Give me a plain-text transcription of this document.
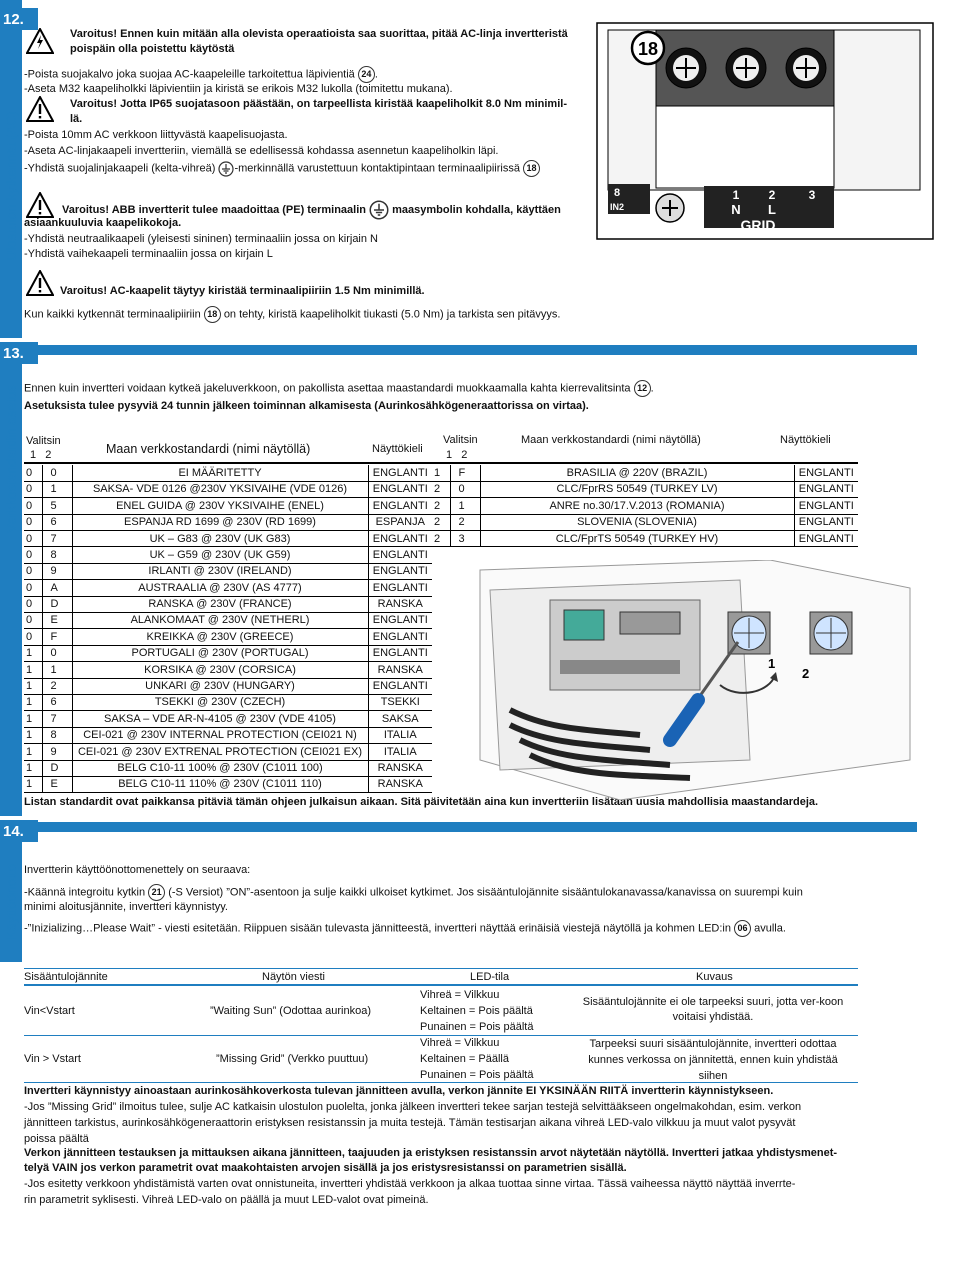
12.
Ulostulon kytkennät (AC)
13.
Verkkostandardin asetus
14.
Käyttöönotto
Varoitus! Ennen kuin mitään alla olevista operaatioista saa suorittaa, pitää AC-linja invertteristä
poispäin olla poistettu käytöstä
-Poista suojakalvo joka suojaa AC-kaapeleille tarkoitettua läpivientiä 24 .
-Aseta M32 kaapeliholkki läpivientiin ja kiristä se erikois M32 lukolla (toimitettu mukana).
Varoitus! Jotta IP65 suojatasoon päästään, on tarpeellista kiristää kaapeliholkit 8.0 Nm minimil-
lä.
-Poista 10mm AC verkkoon liittyvästä kaapelisuojasta.
-Aseta AC-linjakaapeli invertteriin, viemällä se edellisessä kohdassa asennetun kaapeliholkin läpi.
-Yhdistä suojalinjakaapeli (kelta-vihreä) -merkinnällä varustettuun kontaktipintaan terminaalipiirissä 18
Varoitus! ABB invertterit tulee maadoittaa (PE) terminaalin maasymbolin kohdalla, käyttäen
asiaankuuluvia kaapelikokoja.
-Yhdistä neutraalikaapeli (yleisesti sininen) terminaaliin jossa on kirjain N
-Yhdistä vaihekaapeli terminaaliin jossa on kirjain L
Varoitus! AC-kaapelit täytyy kiristää terminaalipiiriin 1.5 Nm minimillä.
Kun kaikki kytkennät terminaalipiiriin 18 on tehty, kiristä kaapeliholkit tiukasti (5.0 Nm) ja tarkista sen pitävyys.
18
8
IN2
1 2	3
N L
GRID
Ennen kuin invertteri voidaan kytkeä jakeluverkkoon, on pakollista asettaa maastandardi muokkaamalla kahta kierrevalitsinta 12 .
Asetuksista tulee pysyviä 24 tunnin jälkeen toiminnan alkamisesta (Aurinkosähkögeneraattorissa on virtaa).
Valitsin
1   2	Maan verkkostandardi (nimi näytöllä)	Näyttökieli
Valitsin
1   2
Maan verkkostandardi (nimi näytöllä)	Näyttökieli
0	0	EI MÄÄRITETTY	ENGLANTI
0	1	SAKSA- VDE 0126 @230V YKSIVAIHE (VDE 0126)	ENGLANTI
0	5	ENEL GUIDA @ 230V YKSIVAIHE (ENEL)	ENGLANTI
0	6	ESPANJA RD 1699 @ 230V (RD 1699)	ESPANJA
0	7	UK – G83 @ 230V (UK G83)	ENGLANTI
0	8	UK – G59 @ 230V (UK G59)	ENGLANTI
0	9	IRLANTI @ 230V (IRELAND)	ENGLANTI
0	A	AUSTRAALIA @ 230V (AS 4777)	ENGLANTI
0	D	RANSKA @ 230V (FRANCE)	RANSKA
0	E	ALANKOMAAT @ 230V (NETHERL)	ENGLANTI
0	F	KREIKKA @ 230V (GREECE)	ENGLANTI
1	0	PORTUGALI @ 230V (PORTUGAL)	ENGLANTI
1	1	KORSIKA @ 230V (CORSICA)	RANSKA
1	2	UNKARI @ 230V (HUNGARY)	ENGLANTI
1	6	TSEKKI @ 230V (CZECH)	TSEKKI
1	7	SAKSA – VDE AR-N-4105 @ 230V (VDE 4105)	SAKSA
1	8	CEI-021 @ 230V INTERNAL PROTECTION (CEI021 N)	ITALIA
1	9	CEI-021 @ 230V EXTRENAL PROTECTION (CEI021 EX)	ITALIA
1	D	BELG C10-11 100% @ 230V (C1011 100)	RANSKA
1	E	BELG C10-11 110% @ 230V (C1011 110)	RANSKA
1	F	BRASILIA @ 220V (BRAZIL)	ENGLANTI
2	0	CLC/FprRS 50549 (TURKEY LV)	ENGLANTI
2	1	ANRE no.30/17.V.2013 (ROMANIA)	ENGLANTI
2	2	SLOVENIA (SLOVENIA)	ENGLANTI
2	3	CLC/FprTS 50549 (TURKEY HV)	ENGLANTI
Listan standardit ovat paikkansa pitäviä tämän ohjeen julkaisun aikaan. Sitä päivitetään aina kun invertteriin lisätään uusia mahdollisia maastandardeja.
1
2
Invertterin käyttöönottomenettely on seuraava:
-Käännä integroitu kytkin 21 (-S Versiot) ”ON”-asentoon ja sulje kaikki ulkoiset kytkimet. Jos sisääntulojännite sisääntulokanavassa/kanavissa on suurempi kuin
minimi aloitusjännite, invertteri käynnistyy.
-”Inizializing…Please Wait” - viesti esitetään. Riippuen sisään tulevasta jännitteestä, invertteri näyttää erinäisiä viestejä näytöllä ja kohmen LED:in 06 avulla.
Sisääntulojännite	Näytön viesti	LED-tila	Kuvaus
Vin<Vstart	”Waiting Sun” (Odottaa aurinkoa)
Vihreä = Vilkkuu
Keltainen = Pois päältä
Punainen = Pois päältä
Sisääntulojännite ei ole tarpeeksi suuri, jotta ver-koon voitaisi yhdistää.
Vin > Vstart	”Missing Grid” (Verkko puuttuu)
Vihreä = Vilkkuu
Keltainen = Päällä
Punainen = Pois päältä
Tarpeeksi suuri sisääntulojännite, invertteri odottaa kunnes verkossa on jännitettä, ennen kuin yhdistää siihen
Invertteri käynnistyy ainoastaan aurinkosähkoverkosta tulevan jännitteen avulla, verkon jännite EI YKSINÄÄN RIITÄ invertterin käynnistykseen.
-Jos ”Missing Grid” ilmoitus tulee, sulje AC katkaisin ulostulon puolelta, jonka jälkeen invertteri tekee sarjan testejä selvittääkseen ongelmakohdan, esim. verkon
jännitteen tarkistus, aurinkosähkögeneraattorin eristyksen resistanssin ja muita testejä. Tämän testisarjan aikana vihreä LED-valo vilkkuu ja muut valot pysyvät
poissa päältä
Verkon jännitteen testauksen ja mittauksen aikana jännitteen, taajuuden ja eristyksen resistanssin arvot näytetään näytöllä. Invertteri jatkaa yhdistysmenet-
telyä VAIN jos verkon parametrit ovat maakohtaisten arvojen sisällä ja jos eristysresistanssi on parametrien sisällä.
-Jos esitetty verkkoon yhdistämistä varten ovat onnistuneita, invertteri yhdistää verkkoon ja alkaa tuottaa sinne virtaa. Tässä vaiheessa näyttö näyttää inverrte-
rin parametrit syklisesti. Vihreä LED-valo on päällä ja muut LED-valot ovat pimeinä.
